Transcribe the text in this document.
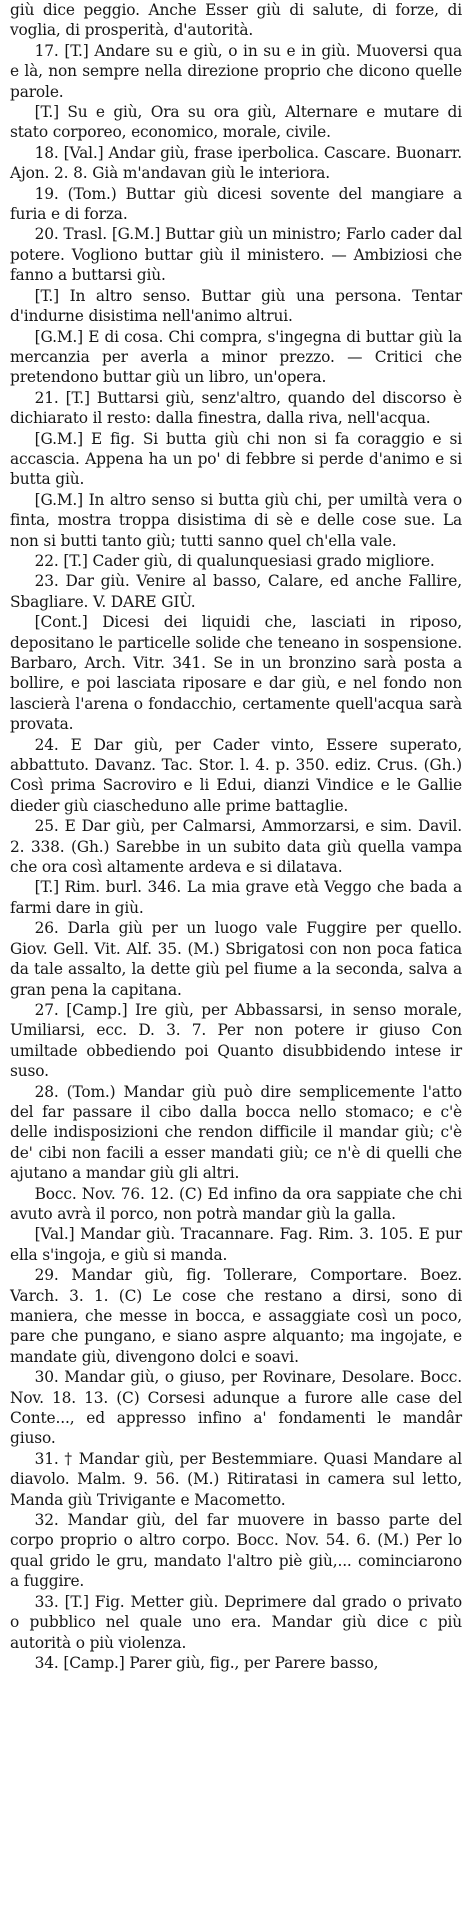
giù dice peggio. Anche Esser giù di salute, di forze, di voglia, di prosperità, d'autorità.

17. [T.] Andare su e giù, o in su e in giù. Muoversi qua e là, non sempre nella direzione proprio che dicono quelle parole.

[T.] Su e giù, Ora su ora giù, Alternare e mutare di stato corporeo, economico, morale, civile.

18. [Val.] Andar giù, frase iperbolica. Cascare. Buonarr. Ajon. 2. 8. Già m'andavan giù le interiora.

19. (Tom.) Buttar giù dicesi sovente del mangiare a furia e di forza.

20. Trasl. [G.M.] Buttar giù un ministro; Farlo cader dal potere. Vogliono buttar giù il ministero. — Ambiziosi che fanno a buttarsi giù.

[T.] In altro senso. Buttar giù una persona. Tentar d'indurne disistima nell'animo altrui.

[G.M.] E di cosa. Chi compra, s'ingegna di buttar giù la mercanzia per averla a minor prezzo. — Critici che pretendono buttar giù un libro, un'opera.

21. [T.] Buttarsi giù, senz'altro, quando del discorso è dichiarato il resto: dalla finestra, dalla riva, nell'acqua.

[G.M.] E fig. Si butta giù chi non si fa coraggio e si accascia. Appena ha un po' di febbre si perde d'animo e si butta giù.

[G.M.] In altro senso si butta giù chi, per umiltà vera o finta, mostra troppa disistima di sè e delle cose sue. La non si butti tanto giù; tutti sanno quel ch'ella vale.

22. [T.] Cader giù, di qualunquesiasi grado migliore.

23. Dar giù. Venire al basso, Calare, ed anche Fallire, Sbagliare. V. DARE GIÙ.

[Cont.] Dicesi dei liquidi che, lasciati in riposo, depositano le particelle solide che teneano in sospensione. Barbaro, Arch. Vitr. 341. Se in un bronzino sarà posta a bollire, e poi lasciata riposare e dar giù, e nel fondo non lascierà l'arena o fondacchio, certamente quell'acqua sarà provata.

24. E Dar giù, per Cader vinto, Essere superato, abbattuto. Davanz. Tac. Stor. l. 4. p. 350. ediz. Crus. (Gh.) Così prima Sacroviro e li Edui, dianzi Vindice e le Gallie dieder giù ciascheduno alle prime battaglie.

25. E Dar giù, per Calmarsi, Ammorzarsi, e sim. Davil. 2. 338. (Gh.) Sarebbe in un subito data giù quella vampa che ora così altamente ardeva e si dilatava.

[T.] Rim. burl. 346. La mia grave età Veggo che bada a farmi dare in giù.

26. Darla giù per un luogo vale Fuggire per quello. Giov. Gell. Vit. Alf. 35. (M.) Sbrigatosi con non poca fatica da tale assalto, la dette giù pel fiume a la seconda, salva a gran pena la capitana.

27. [Camp.] Ire giù, per Abbassarsi, in senso morale, Umiliarsi, ecc. D. 3. 7. Per non potere ir giuso Con umiltade obbediendo poi Quanto disubbidendo intese ir suso.

28. (Tom.) Mandar giù può dire semplicemente l'atto del far passare il cibo dalla bocca nello stomaco; e c'è delle indisposizioni che rendon difficile il mandar giù; c'è de' cibi non facili a esser mandati giù; ce n'è di quelli che ajutano a mandar giù gli altri.

Bocc. Nov. 76. 12. (C) Ed infino da ora sappiate che chi avuto avrà il porco, non potrà mandar giù la galla.

[Val.] Mandar giù. Tracannare. Fag. Rim. 3. 105. E pur ella s'ingoja, e giù si manda.

29. Mandar giù, fig. Tollerare, Comportare. Boez. Varch. 3. 1. (C) Le cose che restano a dirsi, sono di maniera, che messe in bocca, e assaggiate così un poco, pare che pungano, e siano aspre alquanto; ma ingojate, e mandate giù, divengono dolci e soavi.

30. Mandar giù, o giuso, per Rovinare, Desolare. Bocc. Nov. 18. 13. (C) Corsesi adunque a furore alle case del Conte..., ed appresso infino a' fondamenti le mandâr giuso.

31. † Mandar giù, per Bestemmiare. Quasi Mandare al diavolo. Malm. 9. 56. (M.) Ritiratasi in camera sul letto, Manda giù Trivigante e Macometto.

32. Mandar giù, del far muovere in basso parte del corpo proprio o altro corpo. Bocc. Nov. 54. 6. (M.) Per lo qual grido le gru, mandato l'altro piè giù,... cominciarono a fuggire.

33. [T.] Fig. Metter giù. Deprimere dal grado o privato o pubblico nel quale uno era. Mandar giù dice c più autorità o più violenza.

34. [Camp.] Parer giù, fig., per Parere basso,
